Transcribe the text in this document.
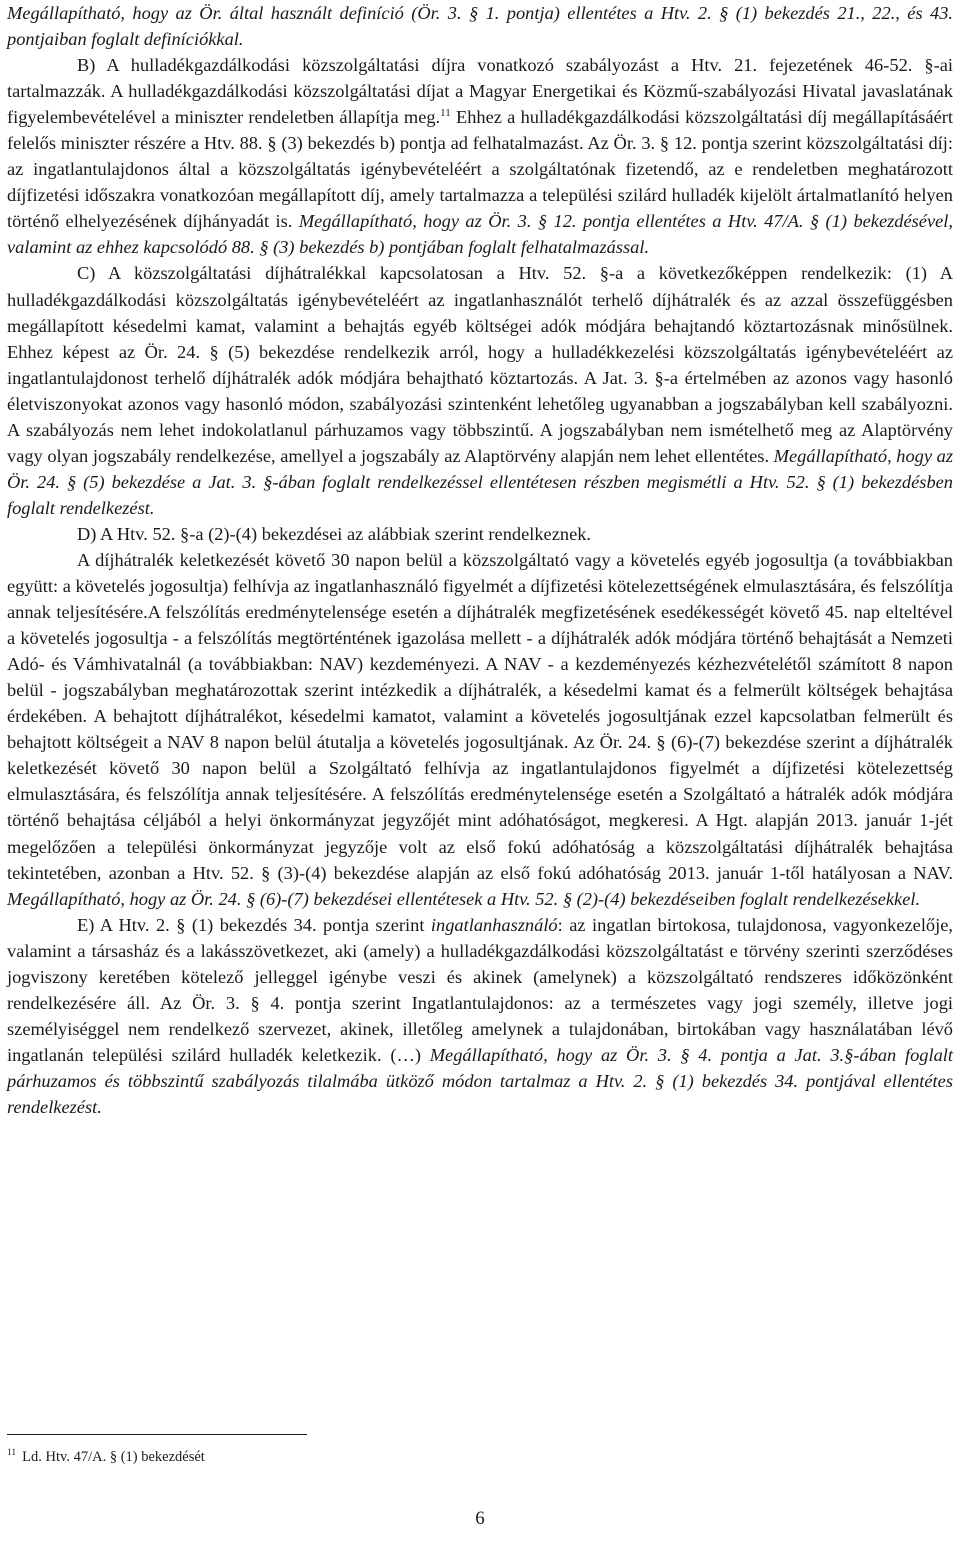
Megállapítható, hogy az Ör. által használt definíció (Ör. 3. § 1. pontja) ellentétes a Htv. 2. § (1) bekezdés 21., 22., és 43. pontjaiban foglalt definíciókkal.

B) A hulladékgazdálkodási közszolgáltatási díjra vonatkozó szabályozást a Htv. 21. fejezetének 46-52. §-ai tartalmazzák. A hulladékgazdálkodási közszolgáltatási díjat a Magyar Energetikai és Közmű-szabályozási Hivatal javaslatának figyelembevételével a miniszter rendeletben állapítja meg.$^{11}$ Ehhez a hulladékgazdálkodási közszolgáltatási díj megállapításáért felelős miniszter részére a Htv. 88. § (3) bekezdés b) pontja ad felhatalmazást. Az Ör. 3. § 12. pontja szerint közszolgáltatási díj: az ingatlantulajdonos által a közszolgáltatás igénybevételéért a szolgáltatónak fizetendő, az e rendeletben meghatározott díjfizetési időszakra vonatkozóan megállapított díj, amely tartalmazza a települési szilárd hulladék kijelölt ártalmatlanító helyen történő elhelyezésének díjhányadát is. Megállapítható, hogy az Ör. 3. § 12. pontja ellentétes a Htv. 47/A. § (1) bekezdésével, valamint az ehhez kapcsolódó 88. § (3) bekezdés b) pontjában foglalt felhatalmazással.

C) A közszolgáltatási díjhátralékkal kapcsolatosan a Htv. 52. §-a a következőképpen rendelkezik: (1) A hulladékgazdálkodási közszolgáltatás igénybevételéért az ingatlanhasználót terhelő díjhátralék és az azzal összefüggésben megállapított késedelmi kamat, valamint a behajtás egyéb költségei adók módjára behajtandó köztartozásnak minősülnek. Ehhez képest az Ör. 24. § (5) bekezdése rendelkezik arról, hogy a hulladékkezelési közszolgáltatás igénybevételéért az ingatlantulajdonost terhelő díjhátralék adók módjára behajtható köztartozás. A Jat. 3. §-a értelmében az azonos vagy hasonló életviszonyokat azonos vagy hasonló módon, szabályozási szintenként lehetőleg ugyanabban a jogszabályban kell szabályozni. A szabályozás nem lehet indokolatlanul párhuzamos vagy többszintű. A jogszabályban nem ismételhető meg az Alaptörvény vagy olyan jogszabály rendelkezése, amellyel a jogszabály az Alaptörvény alapján nem lehet ellentétes. Megállapítható, hogy az Ör. 24. § (5) bekezdése a Jat. 3. §-ában foglalt rendelkezéssel ellentétesen részben megismétli a Htv. 52. § (1) bekezdésben foglalt rendelkezést.

D) A Htv. 52. §-a (2)-(4) bekezdései az alábbiak szerint rendelkeznek.

A díjhátralék keletkezését követő 30 napon belül a közszolgáltató vagy a követelés egyéb jogosultja (a továbbiakban együtt: a követelés jogosultja) felhívja az ingatlanhasználó figyelmét a díjfizetési kötelezettségének elmulasztására, és felszólítja annak teljesítésére.A felszólítás eredménytelensége esetén a díjhátralék megfizetésének esedékességét követő 45. nap elteltével a követelés jogosultja - a felszólítás megtörténtének igazolása mellett - a díjhátralék adók módjára történő behajtását a Nemzeti Adó- és Vámhivatalnál (a továbbiakban: NAV) kezdeményezi. A NAV - a kezdeményezés kézhezvételétől számított 8 napon belül - jogszabályban meghatározottak szerint intézkedik a díjhátralék, a késedelmi kamat és a felmerült költségek behajtása érdekében. A behajtott díjhátralékot, késedelmi kamatot, valamint a követelés jogosultjának ezzel kapcsolatban felmerült és behajtott költségeit a NAV 8 napon belül átutalja a követelés jogosultjának. Az Ör. 24. § (6)-(7) bekezdése szerint a díjhátralék keletkezését követő 30 napon belül a Szolgáltató felhívja az ingatlantulajdonos figyelmét a díjfizetési kötelezettség elmulasztására, és felszólítja annak teljesítésére. A felszólítás eredménytelensége esetén a Szolgáltató a hátralék adók módjára történő behajtása céljából a helyi önkormányzat jegyzőjét mint adóhatóságot, megkeresi. A Hgt. alapján 2013. január 1-jét megelőzően a települési önkormányzat jegyzője volt az első fokú adóhatóság a közszolgáltatási díjhátralék behajtása tekintetében, azonban a Htv. 52. § (3)-(4) bekezdése alapján az első fokú adóhatóság 2013. január 1-től hatályosan a NAV. Megállapítható, hogy az Ör. 24. § (6)-(7) bekezdései ellentétesek a Htv. 52. § (2)-(4) bekezdéseiben foglalt rendelkezésekkel.

E) A Htv. 2. § (1) bekezdés 34. pontja szerint ingatlanhasználó: az ingatlan birtokosa, tulajdonosa, vagyonkezelője, valamint a társasház és a lakásszövetkezet, aki (amely) a hulladékgazdálkodási közszolgáltatást e törvény szerinti szerződéses jogviszony keretében kötelező jelleggel igénybe veszi és akinek (amelynek) a közszolgáltató rendszeres időközönként rendelkezésére áll. Az Ör. 3. § 4. pontja szerint Ingatlantulajdonos: az a természetes vagy jogi személy, illetve jogi személyiséggel nem rendelkező szervezet, akinek, illetőleg amelynek a tulajdonában, birtokában vagy használatában lévő ingatlanán települési szilárd hulladék keletkezik. (…) Megállapítható, hogy az Ör. 3. § 4. pontja a Jat. 3.§-ában foglalt párhuzamos és többszintű szabályozás tilalmába ütköző módon tartalmaz a Htv. 2. § (1) bekezdés 34. pontjával ellentétes rendelkezést.

$^{11}$ Ld. Htv. 47/A. § (1) bekezdését
6
